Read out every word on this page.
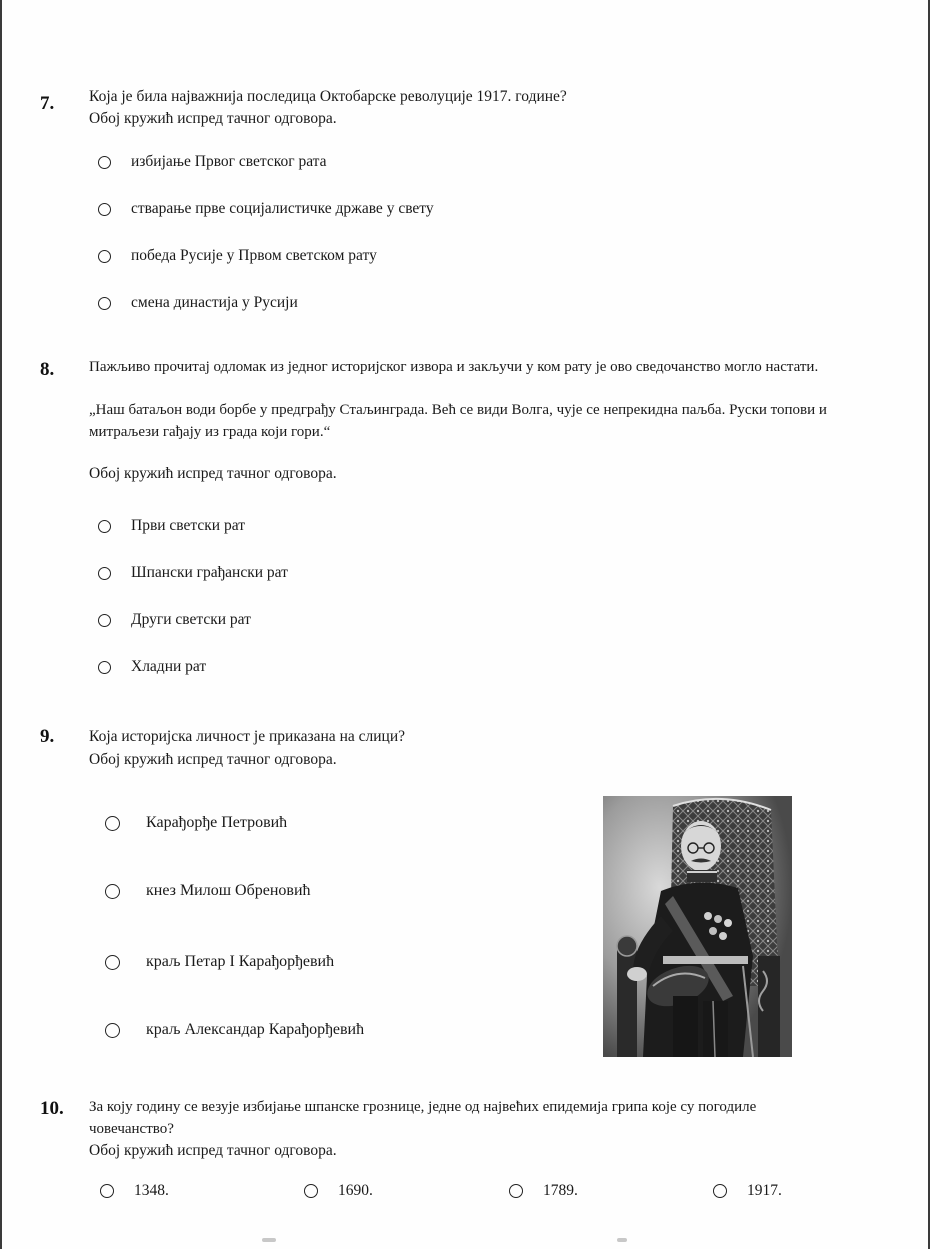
7. Која је била најважнија последица Октобарске револуције 1917. године?
Обој кружић испред тачног одговора.
избијање Првог светског рата
стварање прве социјалистичке државе у свету
победа Русије у Првом светском рату
смена династија у Русији
8. Пажљиво прочитај одломак из једног историјског извора и закључи у ком рату је ово сведочанство могло настати.
„Наш батаљон води борбе у предграђу Стаљинграда. Већ се види Волга, чује се непрекидна паљба. Руски топови и
митраљези гађају из града који гори.“
Обој кружић испред тачног одговора.
Први светски рат
Шпански грађански рат
Други светски рат
Хладни рат
9. Која историјска личност је приказана на слици?
Обој кружић испред тачног одговора.
Карађорђе Петровић
кнез Милош Обреновић
краљ Петар I Карађорђевић
краљ Александар Карађорђевић
10. За коју годину се везује избијање шпанске грознице, једне од највећих епидемија грипа које су погодиле
човечанство?
Обој кружић испред тачног одговора.
1348.	1690.	1789.	1917.
